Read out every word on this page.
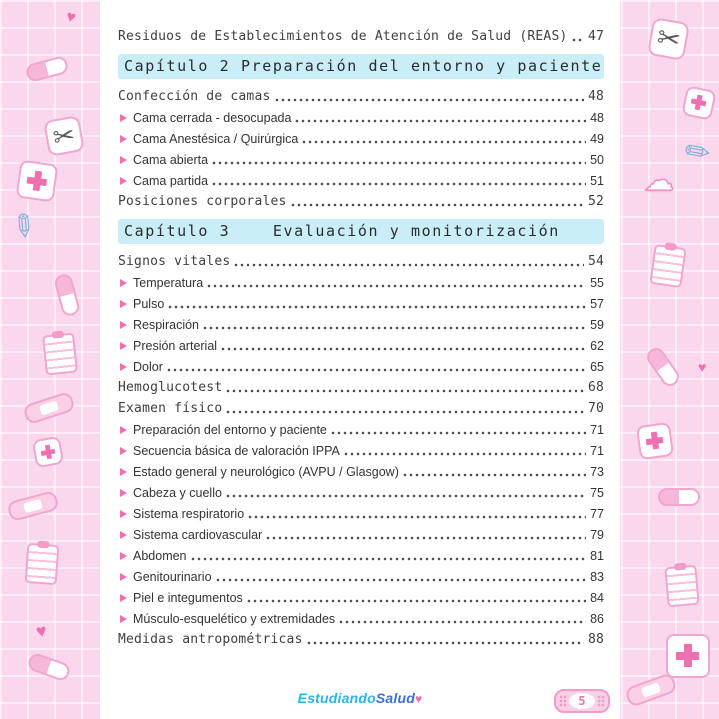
♥
✂
✎
♥
✂
✎
☁
♥
Residuos de Establecimientos de Atención de Salud (REAS) 47
Capítulo 2 Preparación del entorno y paciente
Confección de camas	48
Cama cerrada - desocupada	48
Cama Anestésica / Quirúrgica	49
Cama abierta	50
Cama partida	51
Posiciones corporales	52
Capítulo 3    Evaluación y monitorización
Signos vitales	54
Temperatura	55
Pulso	57
Respiración	59
Presión arterial	62
Dolor	65
Hemoglucotest	68
Examen físico	70
Preparación del entorno y paciente	71
Secuencia básica de valoración IPPA	71
Estado general y neurológico (AVPU / Glasgow)	73
Cabeza y cuello	75
Sistema respiratorio	77
Sistema cardiovascular	79
Abdomen	81
Genitourinario	83
Piel e integumentos	84
Músculo-esquelético y extremidades	86
Medidas antropométricas	88
EstudiandoSalud♥	5
